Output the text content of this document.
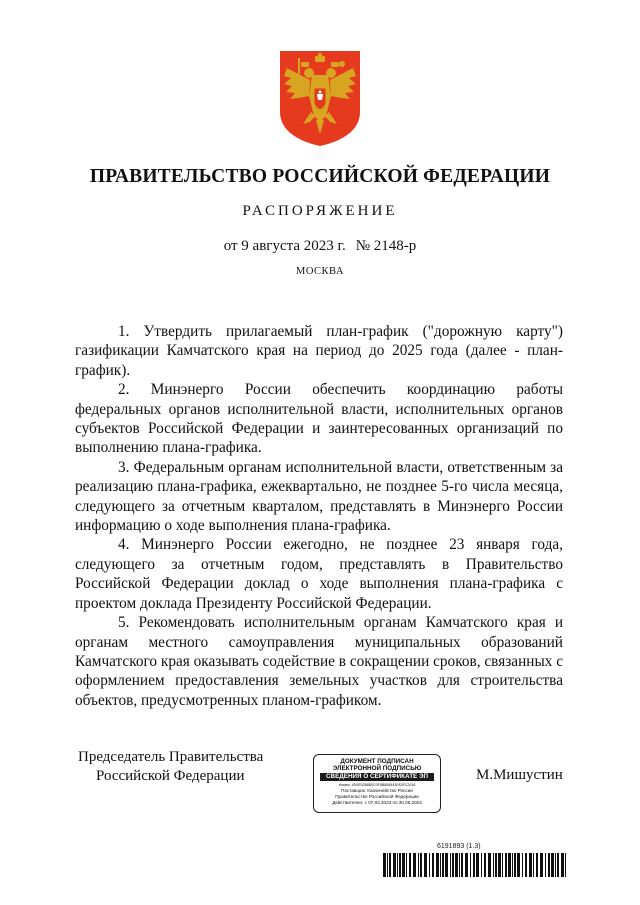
ПРАВИТЕЛЬСТВО РОССИЙСКОЙ ФЕДЕРАЦИИ
РАСПОРЯЖЕНИЕ
от 9 августа 2023 г. № 2148-р
МОСКВА

1. Утвердить прилагаемый план-график ("дорожную карту") газификации Камчатского края на период до 2025 года (далее - план-график).

2. Минэнерго России обеспечить координацию работы федеральных органов исполнительной власти, исполнительных органов субъектов Российской Федерации и заинтересованных организаций по выполнению плана-графика.

3. Федеральным органам исполнительной власти, ответственным за реализацию плана-графика, ежеквартально, не позднее 5-го числа месяца, следующего за отчетным кварталом, представлять в Минэнерго России информацию о ходе выполнения плана-графика.

4. Минэнерго России ежегодно, не позднее 23 января года, следующего за отчетным годом, представлять в Правительство Российской Федерации доклад о ходе выполнения плана-графика с проектом доклада Президенту Российской Федерации.

5. Рекомендовать исполнительным органам Камчатского края и органам местного самоуправления муниципальных образований Камчатского края оказывать содействие в сокращении сроков, связанных с оформлением предоставления земельных участков для строительства объектов, предусмотренных планом-графиком.

Председатель Правительства
Российской Федерации
ДОКУМЕНТ ПОДПИСАН
ЭЛЕКТРОННОЙ ПОДПИСЬЮ
СВЕДЕНИЯ О СЕРТИФИКАТЕ ЭП
Номер: 4D0E5288B0C0F8B806943FA3FC2016
Поставщик: Казначейство России
Правительство Российской Федерации
Действителен: с 07.03.2023 по 30.05.2024
М.Мишустин
6191893 (1.3)
